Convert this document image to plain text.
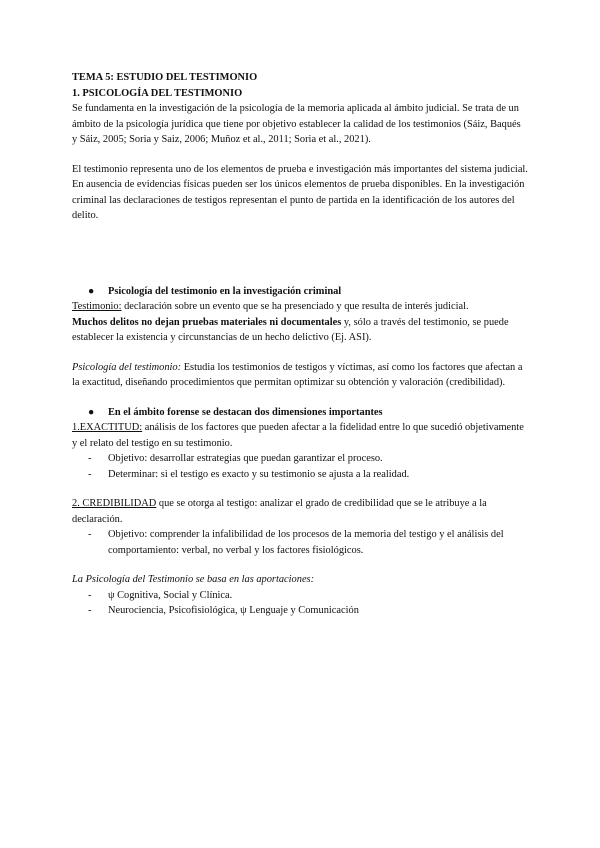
TEMA 5: ESTUDIO DEL TESTIMONIO

1. PSICOLOGÍA DEL TESTIMONIO

Se fundamenta en la investigación de la psicología de la memoria aplicada al ámbito judicial. Se trata de un ámbito de la psicología jurídica que tiene por objetivo establecer la calidad de los testimonios (Sáiz, Baqués y Sáiz, 2005; Soria y Saiz, 2006; Muñoz et al., 2011; Soria et al., 2021).

El testimonio representa uno de los elementos de prueba e investigación más importantes del sistema judicial. En ausencia de evidencias físicas pueden ser los únicos elementos de prueba disponibles. En la investigación criminal las declaraciones de testigos representan el punto de partida en la identificación de los autores del delito.

● Psicología del testimonio en la investigación criminal

Testimonio: declaración sobre un evento que se ha presenciado y que resulta de interés judicial.

Muchos delitos no dejan pruebas materiales ni documentales y, sólo a través del testimonio, se puede establecer la existencia y circunstancias de un hecho delictivo (Ej. ASI).

Psicología del testimonio: Estudia los testimonios de testigos y víctimas, así como los factores que afectan a la exactitud, diseñando procedimientos que permitan optimizar su obtención y valoración (credibilidad).

● En el ámbito forense se destacan dos dimensiones importantes

1.EXACTITUD: análisis de los factores que pueden afectar a la fidelidad entre lo que sucedió objetivamente y el relato del testigo en su testimonio.

- Objetivo: desarrollar estrategias que puedan garantizar el proceso.
- Determinar: si el testigo es exacto y su testimonio se ajusta a la realidad.

2. CREDIBILIDAD que se otorga al testigo: analizar el grado de credibilidad que se le atribuye a la declaración.

- Objetivo: comprender la infalibilidad de los procesos de la memoria del testigo y el análisis del comportamiento: verbal, no verbal y los factores fisiológicos.

La Psicología del Testimonio se basa en las aportaciones:

- ψ Cognitiva, Social y Clínica.
- Neurociencia, Psicofisiológica, ψ Lenguaje y Comunicación
